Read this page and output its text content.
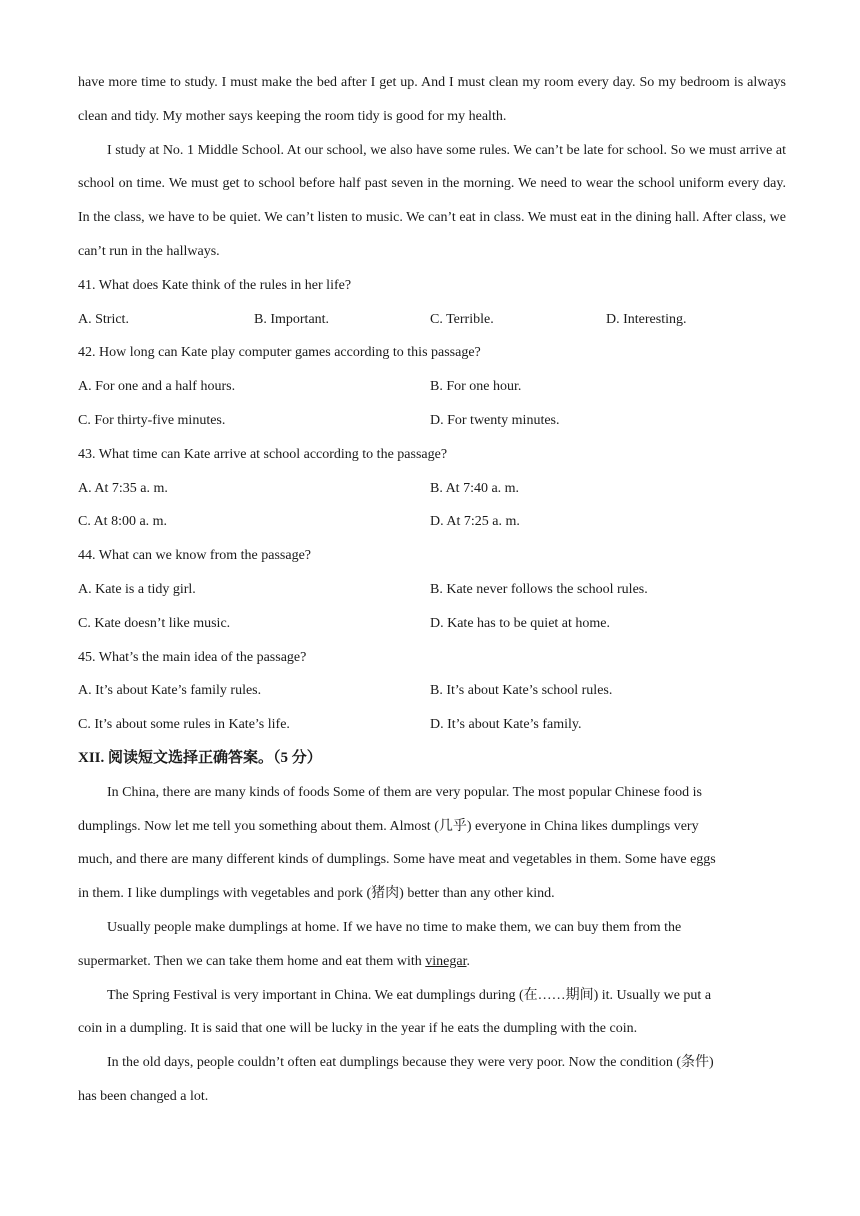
have more time to study. I must make the bed after I get up. And I must clean my room every day. So my bedroom is always clean and tidy. My mother says keeping the room tidy is good for my health.

I study at No. 1 Middle School. At our school, we also have some rules. We can’t be late for school. So we must arrive at school on time. We must get to school before half past seven in the morning. We need to wear the school uniform every day. In the class, we have to be quiet. We can’t listen to music. We can’t eat in class. We must eat in the dining hall. After class, we can’t run in the hallways.

41. What does Kate think of the rules in her life?
A. Strict.	B. Important.	C. Terrible.	D. Interesting.
42. How long can Kate play computer games according to this passage?
A. For one and a half hours.	B. For one hour.
C. For thirty-five minutes.	D. For twenty minutes.
43. What time can Kate arrive at school according to the passage?
A. At 7:35 a. m.	B. At 7:40 a. m.
C. At 8:00 a. m.	D. At 7:25 a. m.
44. What can we know from the passage?
A. Kate is a tidy girl.	B. Kate never follows the school rules.
C. Kate doesn’t like music.	D. Kate has to be quiet at home.
45. What’s the main idea of the passage?
A. It’s about Kate’s family rules.	B. It’s about Kate’s school rules.
C. It’s about some rules in Kate’s life.	D. It’s about Kate’s family.
XII. 阅读短文选择正确答案。（5 分）
In China, there are many kinds of foods Some of them are very popular. The most popular Chinese food is
dumplings. Now let me tell you something about them. Almost (几乎) everyone in China likes dumplings very
much, and there are many different kinds of dumplings. Some have meat and vegetables in them. Some have eggs
in them. I like dumplings with vegetables and pork (猪肉) better than any other kind.
Usually people make dumplings at home. If we have no time to make them, we can buy them from the
supermarket. Then we can take them home and eat them with vinegar.
The Spring Festival is very important in China. We eat dumplings during (在……期间) it. Usually we put a
coin in a dumpling. It is said that one will be lucky in the year if he eats the dumpling with the coin.
In the old days, people couldn’t often eat dumplings because they were very poor. Now the condition (条件)
has been changed a lot.
